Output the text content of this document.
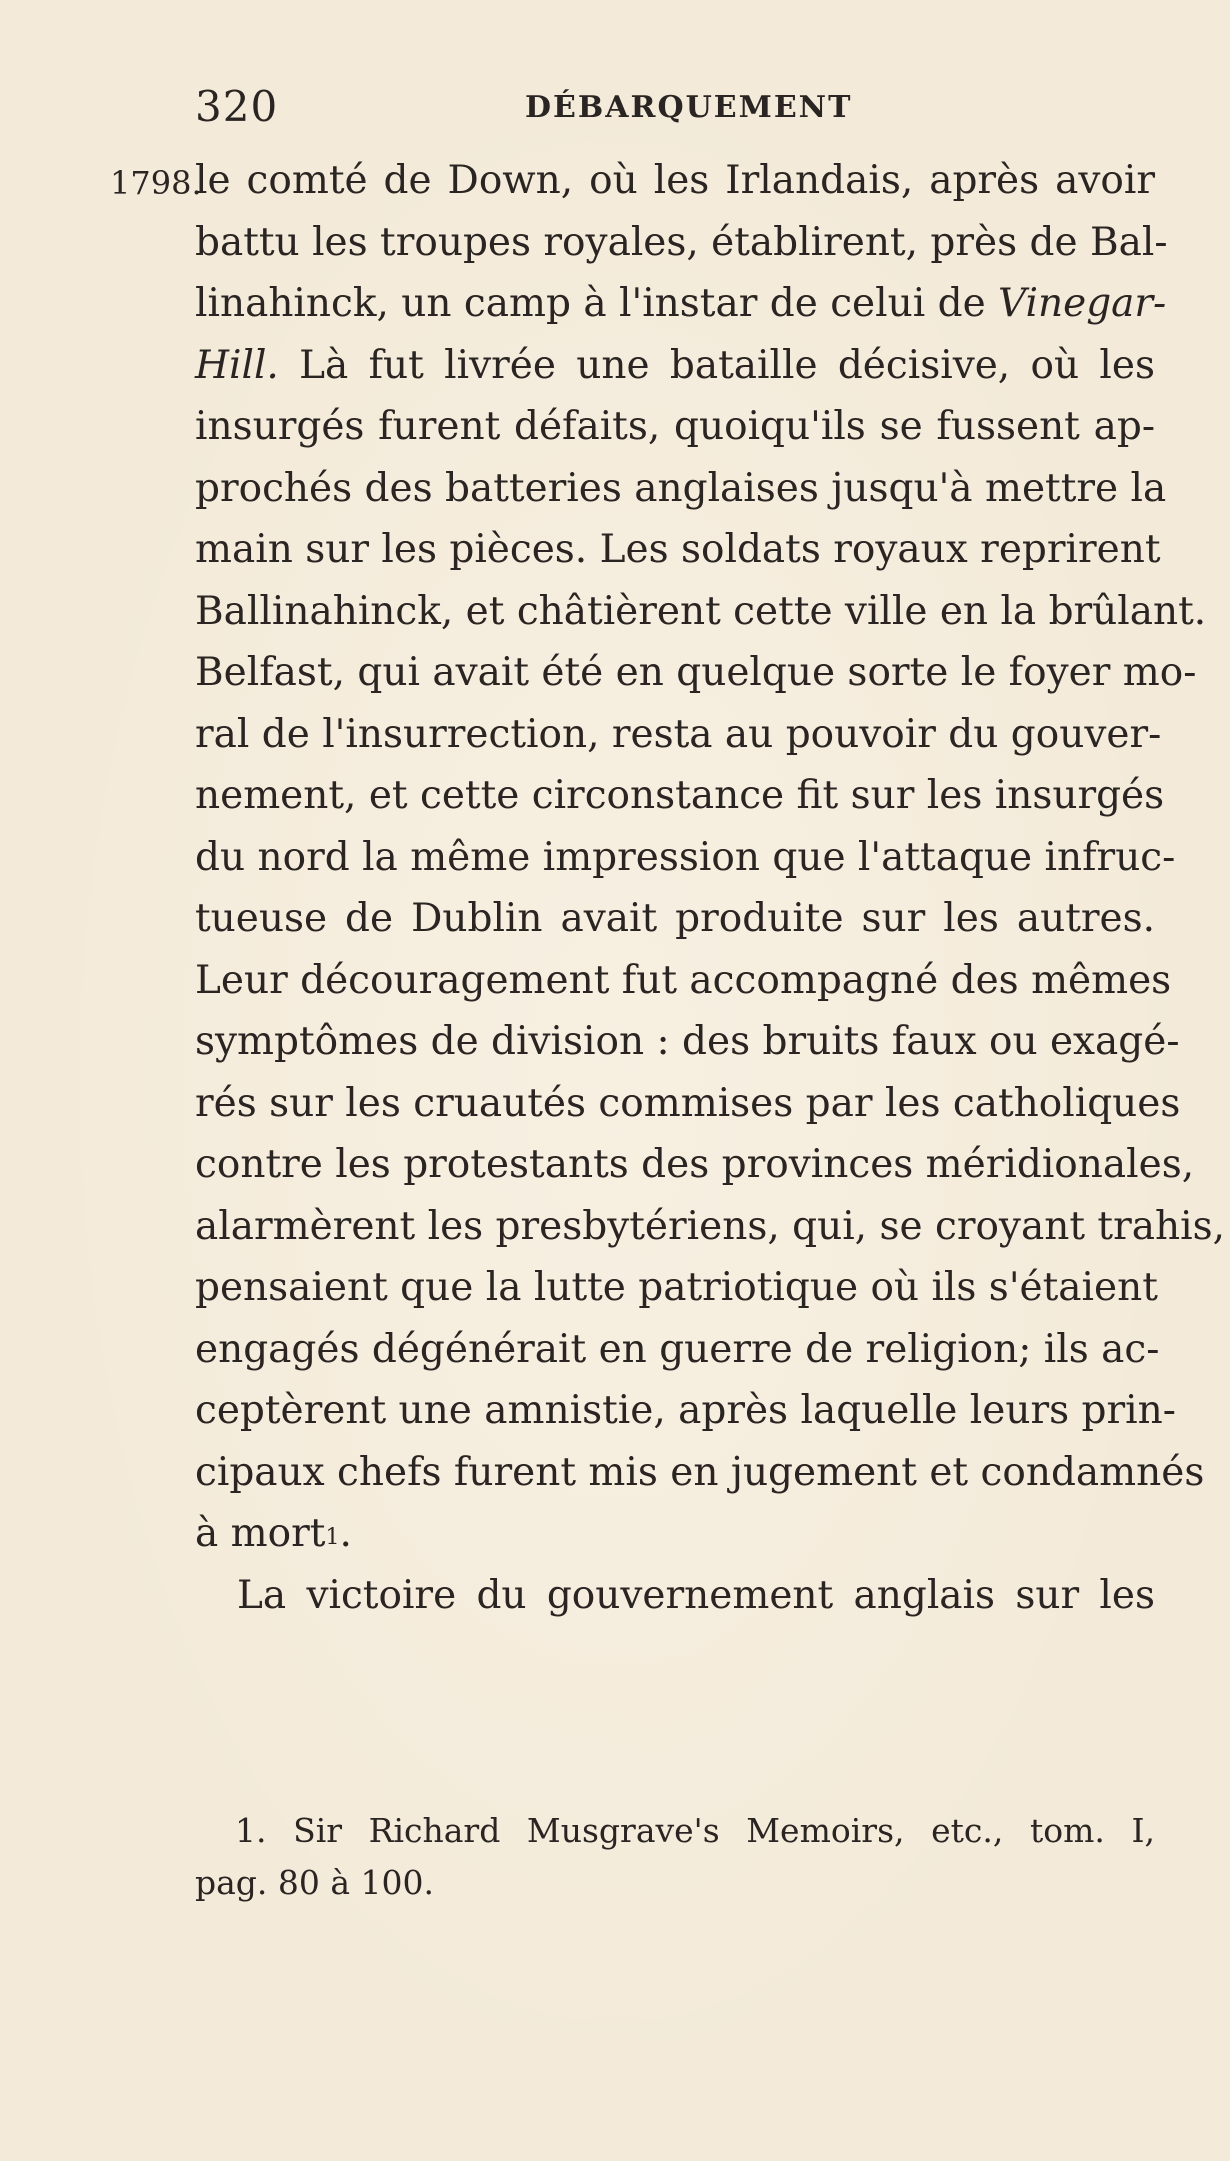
320	DÉBARQUEMENT
1798.
le comté de Down, où les Irlandais, après avoir
battu les troupes royales, établirent, près de Bal-
linahinck, un camp à l'instar de celui de Vinegar-
Hill. Là fut livrée une bataille décisive, où les
insurgés furent défaits, quoiqu'ils se fussent ap-
prochés des batteries anglaises jusqu'à mettre la
main sur les pièces. Les soldats royaux reprirent
Ballinahinck, et châtièrent cette ville en la brûlant.
Belfast, qui avait été en quelque sorte le foyer mo-
ral de l'insurrection, resta au pouvoir du gouver-
nement, et cette circonstance fit sur les insurgés
du nord la même impression que l'attaque infruc-
tueuse de Dublin avait produite sur les autres.
Leur découragement fut accompagné des mêmes
symptômes de division : des bruits faux ou exagé-
rés sur les cruautés commises par les catholiques
contre les protestants des provinces méridionales,
alarmèrent les presbytériens, qui, se croyant trahis,
pensaient que la lutte patriotique où ils s'étaient
engagés dégénérait en guerre de religion; ils ac-
ceptèrent une amnistie, après laquelle leurs prin-
cipaux chefs furent mis en jugement et condamnés
à mort$^1$.
La victoire du gouvernement anglais sur les
1. Sir Richard Musgrave's Memoirs, etc., tom. I,
pag. 80 à 100.
